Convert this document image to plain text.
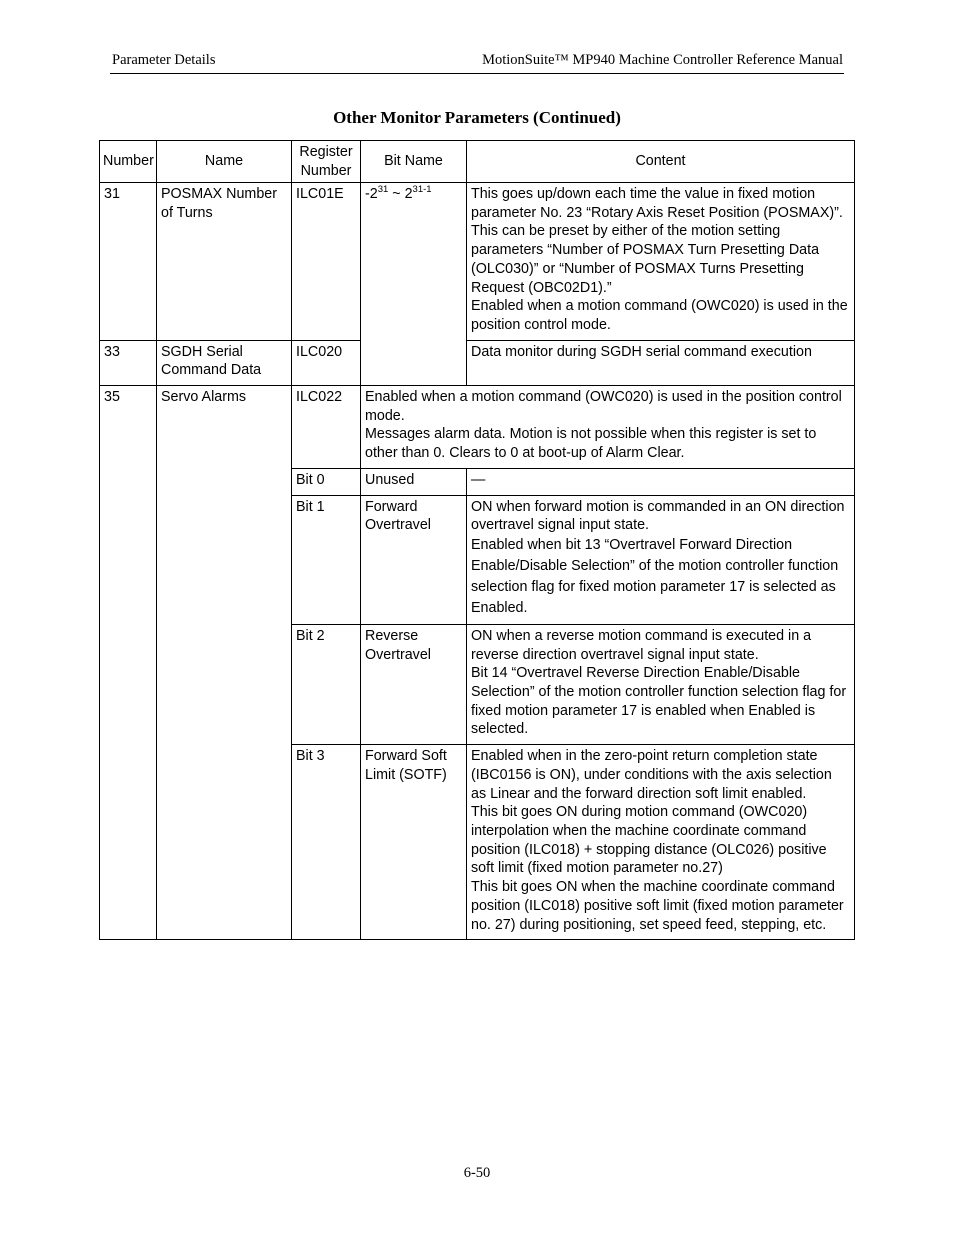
Parameter Details	MotionSuite™ MP940 Machine Controller Reference Manual
Other Monitor Parameters (Continued)
Number	Name	Register Number	Bit Name	Content
31	POSMAX Number of Turns	ILC01E	$-2^{31}$ ~ 2$^{31-1}$	This goes up/down each time the value in fixed motion parameter No. 23 “Rotary Axis Reset Position (POSMAX)”.
This can be preset by either of the motion setting parameters “Number of POSMAX Turn Presetting Data (OLC030)” or “Number of POSMAX Turns Presetting Request (OBC02D1).”
Enabled when a motion command (OWC020) is used in the position control mode.

33	SGDH Serial Command Data	ILC020		Data monitor during SGDH serial command execution

35	Servo Alarms	ILC022	Enabled when a motion command (OWC020) is used in the position control mode.
Messages alarm data. Motion is not possible when this register is set to other than 0. Clears to 0 at boot-up of Alarm Clear.	

		Bit 0	Unused	—

		Bit 1	Forward Overtravel	ON when forward motion is commanded in an ON direction overtravel signal input state.
Enabled when bit 13 “Overtravel Forward Direction Enable/Disable Selection” of the motion controller function selection flag for fixed motion parameter 17 is selected as Enabled.

		Bit 2	Reverse Overtravel	ON when a reverse motion command is executed in a reverse direction overtravel signal input state.
Bit 14 “Overtravel Reverse Direction Enable/Disable Selection” of the motion controller function selection flag for fixed motion parameter 17 is enabled when Enabled is selected.

		Bit 3	Forward Soft Limit (SOTF)	Enabled when in the zero-point return completion state (IBC0156 is ON), under conditions with the axis selection as Linear and the forward direction soft limit enabled.
This bit goes ON during motion command (OWC020) interpolation when the machine coordinate command position (ILC018) + stopping distance (OLC026) positive soft limit (fixed motion parameter no.27)
This bit goes ON when the machine coordinate command position (ILC018) positive soft limit (fixed motion parameter no. 27) during positioning, set speed feed, stepping, etc.
6-50
